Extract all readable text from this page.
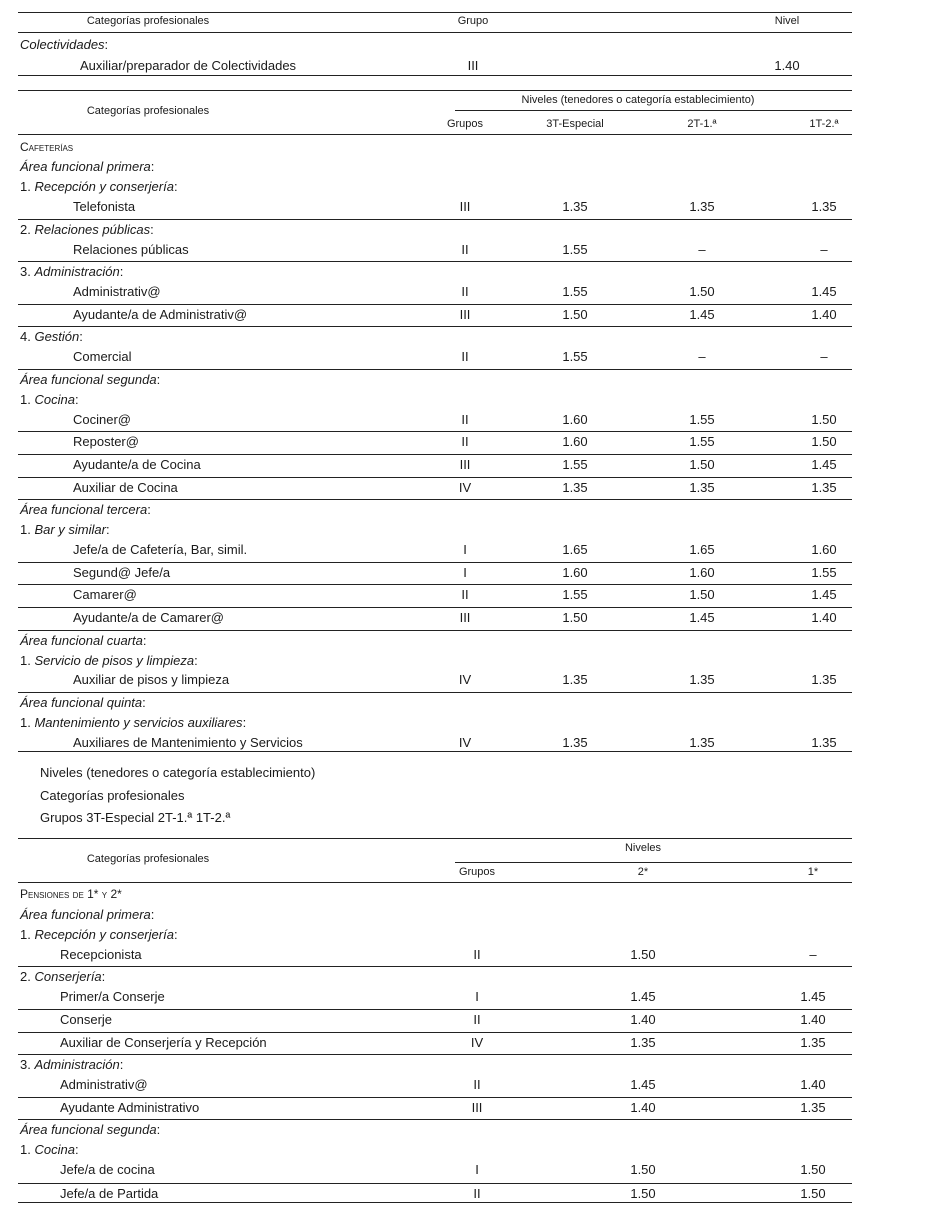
Categorías profesionales	Grupo	Nivel
Colectividades:
Auxiliar/preparador de Colectividades	III	1.40
Categorías profesionales
Niveles (tenedores o categoría establecimiento)
Grupos	3T-Especial	2T-1.ª	1T-2.ª
Cafeterías
Área funcional primera:
1. Recepción y conserjería:
Telefonista	III	1.35	1.35	1.35
2. Relaciones públicas:
Relaciones públicas	II	1.55	–	–
3. Administración:
Administrativ@	II	1.55	1.50	1.45
Ayudante/a de Administrativ@	III	1.50	1.45	1.40
4. Gestión:
Comercial	II	1.55	–	–
Área funcional segunda:
1. Cocina:
Cociner@	II	1.60	1.55	1.50
Reposter@	II	1.60	1.55	1.50
Ayudante/a de Cocina	III	1.55	1.50	1.45
Auxiliar de Cocina	IV	1.35	1.35	1.35
Área funcional tercera:
1. Bar y similar:
Jefe/a de Cafetería, Bar, simil.	I	1.65	1.65	1.60
Segund@ Jefe/a	I	1.60	1.60	1.55
Camarer@	II	1.55	1.50	1.45
Ayudante/a de Camarer@	III	1.50	1.45	1.40
Área funcional cuarta:
1. Servicio de pisos y limpieza:
Auxiliar de pisos y limpieza	IV	1.35	1.35	1.35
Área funcional quinta:
1. Mantenimiento y servicios auxiliares:
Auxiliares de Mantenimiento y Servicios	IV	1.35	1.35	1.35
Niveles (tenedores o categoría establecimiento)
Categorías profesionales
Grupos 3T-Especial 2T-1.ª 1T-2.ª
Categorías profesionales
Niveles
Grupos	2*	1*
Pensiones de 1* y 2*
Área funcional primera:
1. Recepción y conserjería:
Recepcionista	II	1.50	–
2. Conserjería:
Primer/a Conserje	I	1.45	1.45
Conserje	II	1.40	1.40
Auxiliar de Conserjería y Recepción	IV	1.35	1.35
3. Administración:
Administrativ@	II	1.45	1.40
Ayudante Administrativo	III	1.40	1.35
Área funcional segunda:
1. Cocina:
Jefe/a de cocina	I	1.50	1.50
Jefe/a de Partida	II	1.50	1.50
